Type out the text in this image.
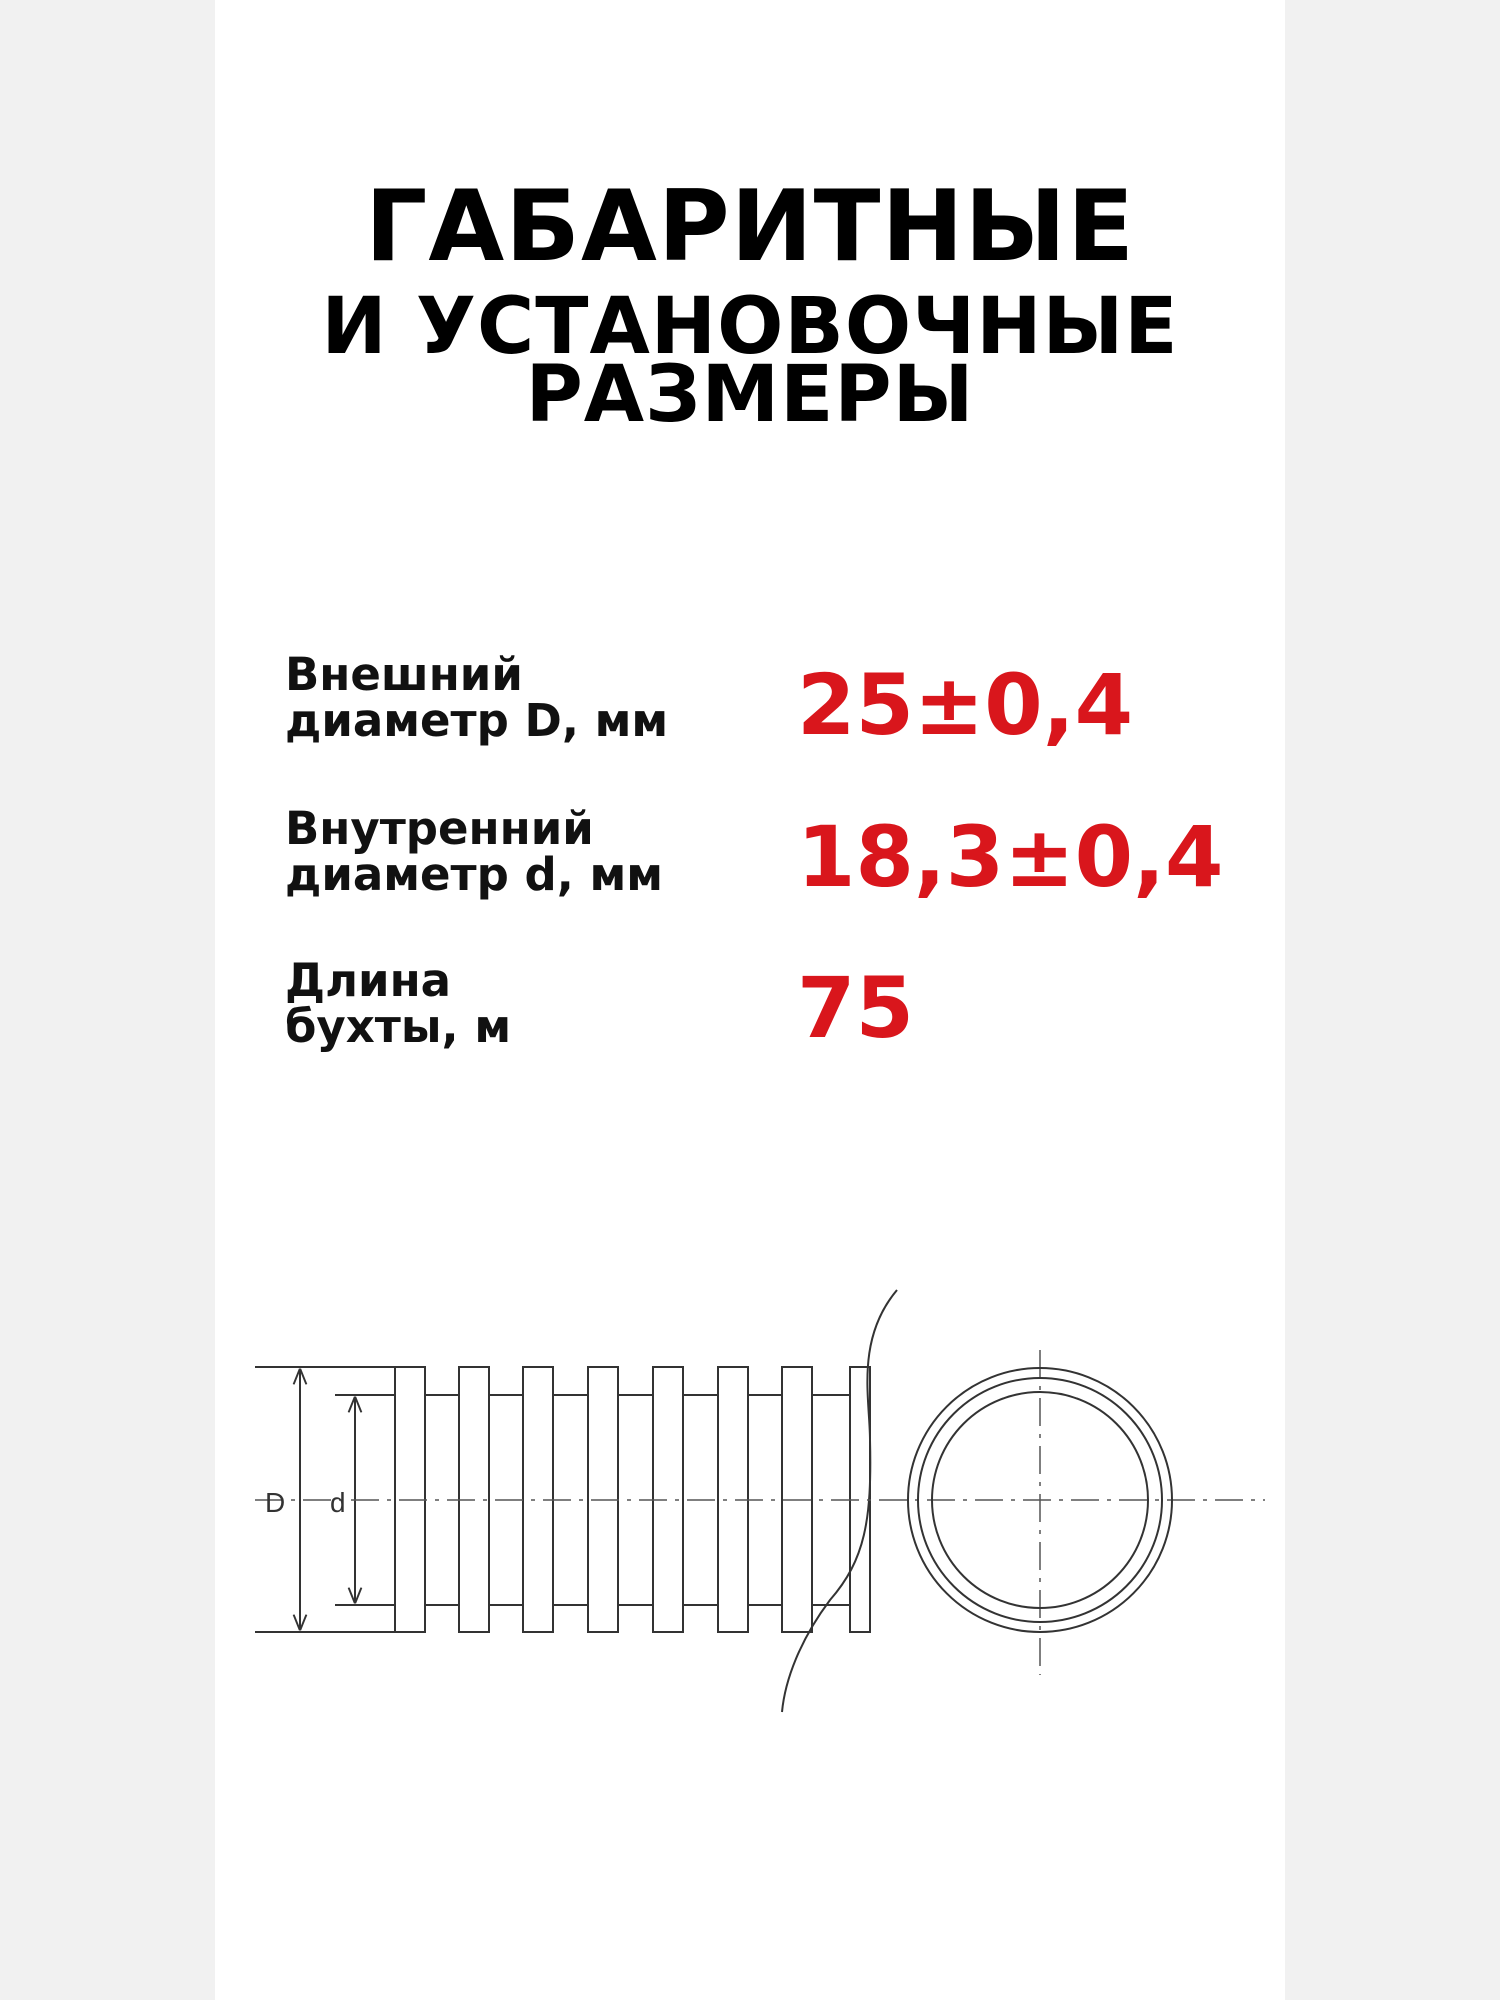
ГАБАРИТНЫЕ
И УСТАНОВОЧНЫЕ
РАЗМЕРЫ
Внешний
диаметр D, мм	25±0,4
Внутренний
диаметр d, мм	18,3±0,4
Длина
бухты, м	75
D d
